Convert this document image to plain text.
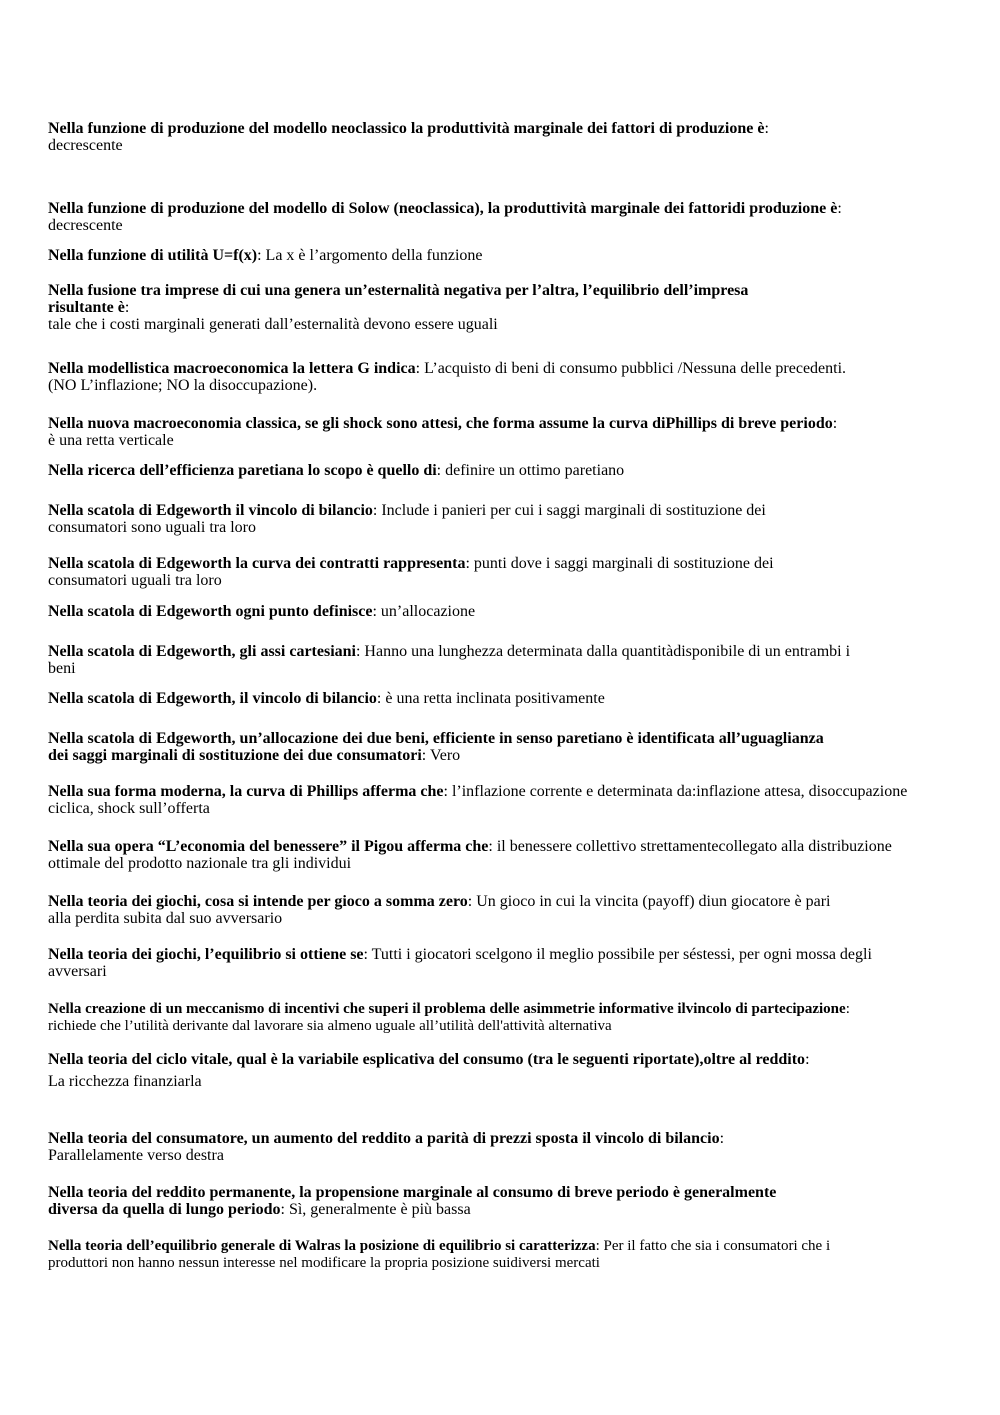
Nella funzione di produzione del modello neoclassico la produttività marginale dei fattori di produzione è:
decrescente

Nella funzione di produzione del modello di Solow (neoclassica), la produttività marginale dei fattoridi produzione è: decrescente

Nella funzione di utilità U=f(x): La x è l’argomento della funzione

Nella fusione tra imprese di cui una genera un’esternalità negativa per l’altra, l’equilibrio dell’impresa risultante è:
tale che i costi marginali generati dall’esternalità devono essere uguali

Nella modellistica macroeconomica la lettera G indica: L’acquisto di beni di consumo pubblici /Nessuna delle precedenti. (NO L’inflazione; NO la disoccupazione).

Nella nuova macroeconomia classica, se gli shock sono attesi, che forma assume la curva diPhillips di breve periodo: è una retta verticale

Nella ricerca dell’efficienza paretiana lo scopo è quello di: definire un ottimo paretiano

Nella scatola di Edgeworth il vincolo di bilancio: Include i panieri per cui i saggi marginali di sostituzione dei consumatori sono uguali tra loro

Nella scatola di Edgeworth la curva dei contratti rappresenta: punti dove i saggi marginali di sostituzione dei consumatori uguali tra loro

Nella scatola di Edgeworth ogni punto definisce: un’allocazione

Nella scatola di Edgeworth, gli assi cartesiani: Hanno una lunghezza determinata dalla quantitàdisponibile di un entrambi i beni

Nella scatola di Edgeworth, il vincolo di bilancio: è una retta inclinata positivamente

Nella scatola di Edgeworth, un’allocazione dei due beni, efficiente in senso paretiano è identificata all’uguaglianza dei saggi marginali di sostituzione dei due consumatori: Vero

Nella sua forma moderna, la curva di Phillips afferma che: l’inflazione corrente e determinata da:inflazione attesa, disoccupazione ciclica, shock sull’offerta

Nella sua opera “L’economia del benessere” il Pigou afferma che: il benessere collettivo strettamentecollegato alla distribuzione ottimale del prodotto nazionale tra gli individui

Nella teoria dei giochi, cosa si intende per gioco a somma zero: Un gioco in cui la vincita (payoff) diun giocatore è pari alla perdita subita dal suo avversario

Nella teoria dei giochi, l’equilibrio si ottiene se: Tutti i giocatori scelgono il meglio possibile per séstessi, per ogni mossa degli avversari

Nella creazione di un meccanismo di incentivi che superi il problema delle asimmetrie informative ilvincolo di partecipazione: richiede che l’utilità derivante dal lavorare sia almeno uguale all’utilità dell'attività alternativa

Nella teoria del ciclo vitale, qual è la variabile esplicativa del consumo (tra le seguenti riportate),oltre al reddito:
La ricchezza finanziarla

Nella teoria del consumatore, un aumento del reddito a parità di prezzi sposta il vincolo di bilancio:
Parallelamente verso destra

Nella teoria del reddito permanente, la propensione marginale al consumo di breve periodo è generalmente diversa da quella di lungo periodo: Sì, generalmente è più bassa

Nella teoria dell’equilibrio generale di Walras la posizione di equilibrio si caratterizza: Per il fatto che sia i consumatori che i produttori non hanno nessun interesse nel modificare la propria posizione suidiversi mercati
